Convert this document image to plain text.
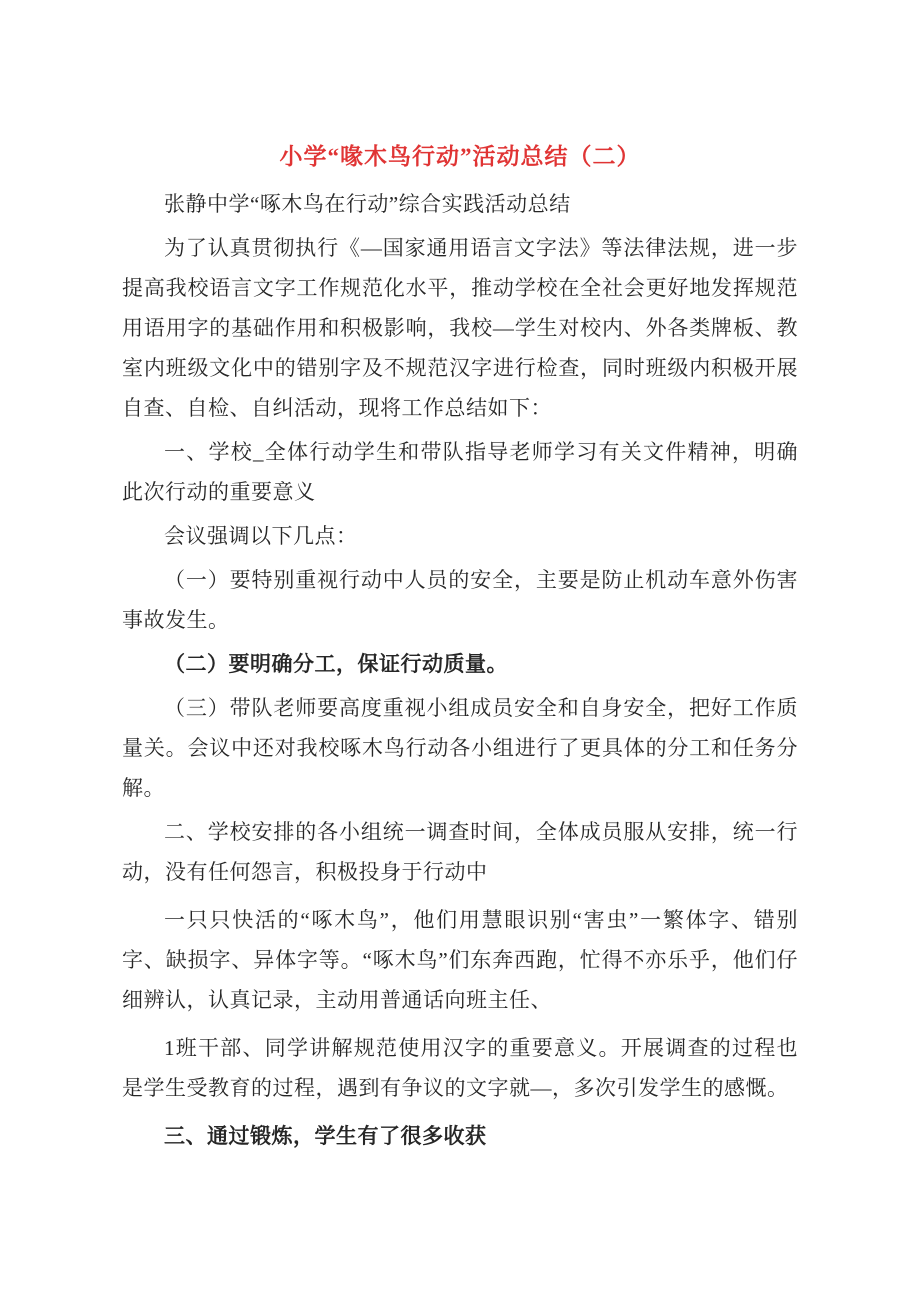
小学“喙木鸟行动”活动总结（二）

张静中学“啄木鸟在行动”综合实践活动总结

为了认真贯彻执行《—国家通用语言文字法》等法律法规，进一步提高我校语言文字工作规范化水平，推动学校在全社会更好地发挥规范用语用字的基础作用和积极影响，我校—学生对校内、外各类牌板、教室内班级文化中的错别字及不规范汉字进行检查，同时班级内积极开展自查、自检、自纠活动，现将工作总结如下：

一、学校_全体行动学生和带队指导老师学习有关文件精神，明确此次行动的重要意义

会议强调以下几点：

（一）要特别重视行动中人员的安全，主要是防止机动车意外伤害事故发生。

（二）要明确分工，保证行动质量。

（三）带队老师要高度重视小组成员安全和自身安全，把好工作质量关。会议中还对我校啄木鸟行动各小组进行了更具体的分工和任务分解。

二、学校安排的各小组统一调查时间，全体成员服从安排，统一行动，没有任何怨言，积极投身于行动中

一只只快活的“啄木鸟”，他们用慧眼识别“害虫”一繁体字、错别字、缺损字、异体字等。“啄木鸟”们东奔西跑，忙得不亦乐乎，他们仔细辨认，认真记录，主动用普通话向班主任、

1班干部、同学讲解规范使用汉字的重要意义。开展调查的过程也是学生受教育的过程，遇到有争议的文字就—，多次引发学生的感慨。

三、通过锻炼，学生有了很多收获
